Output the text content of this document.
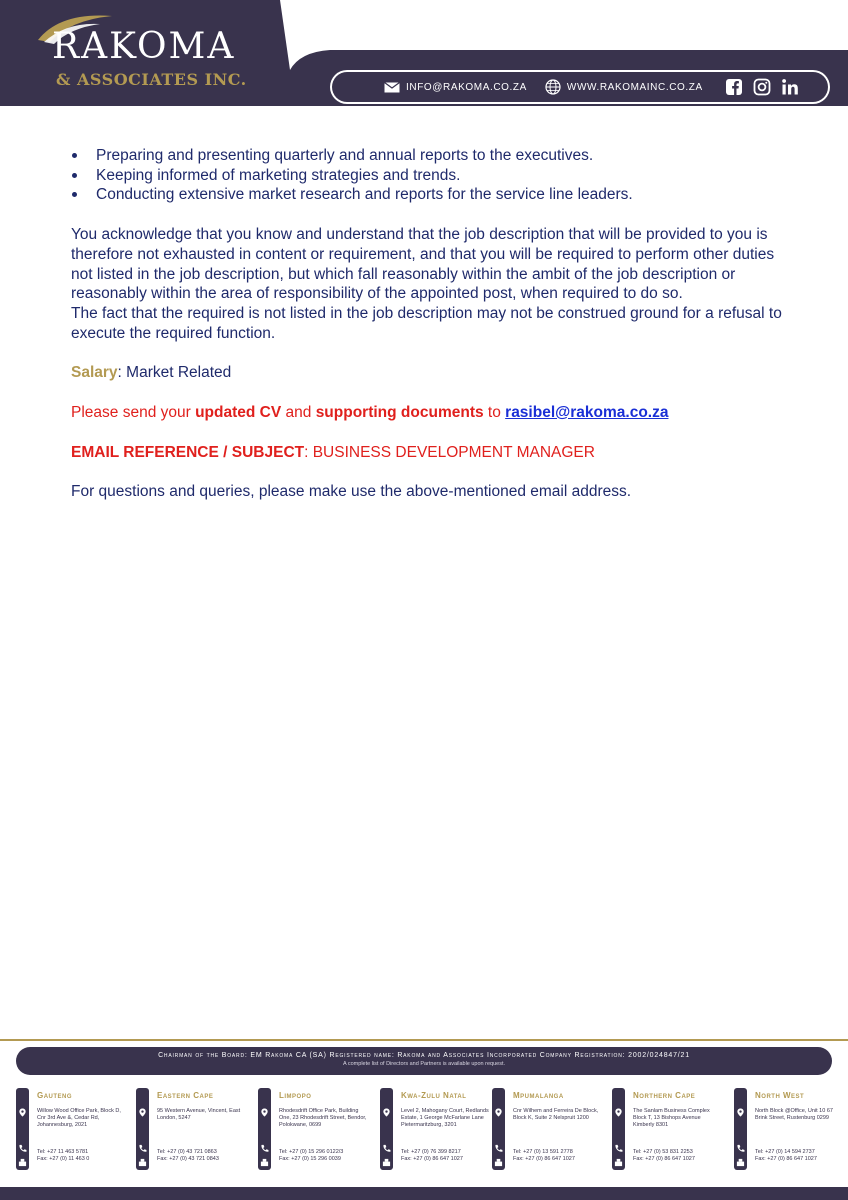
RAKOMA
& ASSOCIATES INC.	INFO@RAKOMA.CO.ZA	WWW.RAKOMAINC.CO.ZA
Preparing and presenting quarterly and annual reports to the executives.
Keeping informed of marketing strategies and trends.
Conducting extensive market research and reports for the service line leaders.

You acknowledge that you know and understand that the job description that will be provided to you is therefore not exhausted in content or requirement, and that you will be required to perform other duties not listed in the job description, but which fall reasonably within the ambit of the job description or reasonably within the area of responsibility of the appointed post, when required to do so.
The fact that the required is not listed in the job description may not be construed ground for a refusal to execute the required function.

Salary: Market Related

Please send your updated CV and supporting documents to rasibel@rakoma.co.za

EMAIL REFERENCE / SUBJECT: BUSINESS DEVELOPMENT MANAGER

For questions and queries, please make use the above-mentioned email address.

Chairman of the Board: EM Rakoma CA (SA) Registered name: Rakoma and Associates Incorporated Company Registration: 2002/024847/21
A complete list of Directors and Partners is available upon request.
Gauteng
Willow Wood Office Park, Block D, Cnr 3rd Ave &, Cedar Rd, Johannesburg, 2021
Tel: +27 11 463 5781
Fax: +27 (0) 11 463 0
Eastern Cape
95 Western Avenue, Vincent, East London, 5247
Tel: +27 (0) 43 721 0863
Fax: +27 (0) 43 721 0843
Limpopo
Rhodesdrift Office Park, Building One, 23 Rhodesdrift Street, Bendor, Polokwane, 0699
Tel: +27 (0) 15 296 0122/3
Fax: +27 (0) 15 296 0039
Kwa-Zulu Natal
Level 2, Mahogany Court, Redlands Estate, 1 George McFarlane Lane Pietermaritzburg, 3201
Tel: +27 (0) 76 399 8217
Fax: +27 (0) 86 647 1027
Mpumalanga
Cnr Wilhem and Ferreira De Block, Block K, Suite 2 Nelspruit 1200
Tel: +27 (0) 13 591 2778
Fax: +27 (0) 86 647 1027
Northern Cape
The Sanlam Business Complex Block T, 13 Bishops Avenue Kimberly 8301
Tel: +27 (0) 53 831 2253
Fax: +27 (0) 86 647 1027
North West
North Block @Office, Unit 10 67 Brink Street, Rustenburg 0299
Tel: +27 (0) 14 594 2737
Fax: +27 (0) 86 647 1027
